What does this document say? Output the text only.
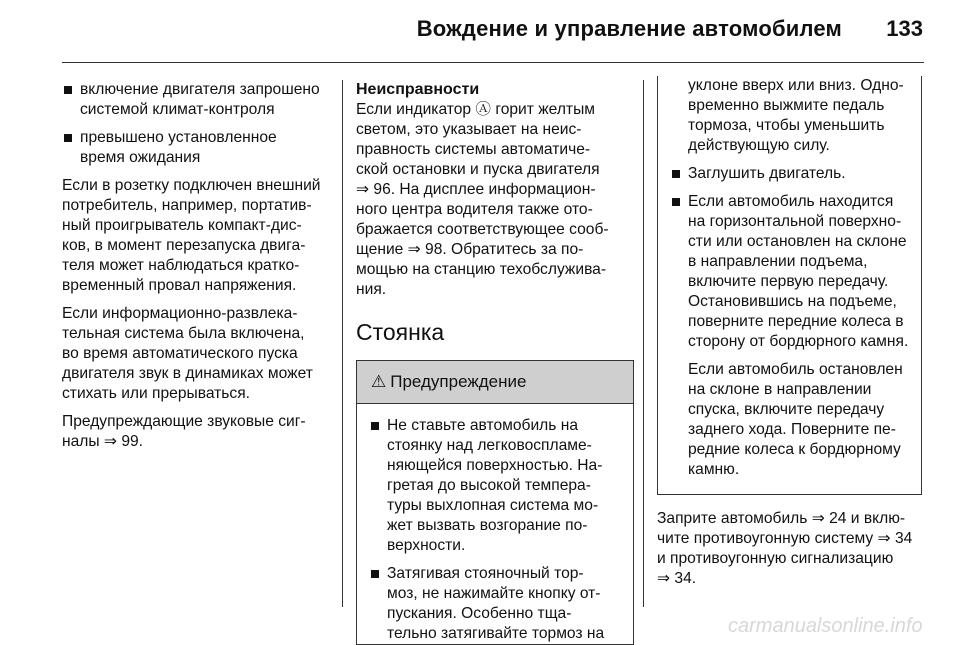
Вождение и управление автомобилем 133
включение двигателя запрошено
системой климат-контроля
превышено установленное
время ожидания

Если в розетку подключен внешний
потребитель, например, портатив-
ный проигрыватель компакт-дис-
ков, в момент перезапуска двига-
теля может наблюдаться кратко-
временный провал напряжения.

Если информационно-развлека-
тельная система была включена,
во время автоматического пуска
двигателя звук в динамиках может
стихать или прерываться.

Предупреждающие звуковые сиг-
налы ⇒ 99.

Неисправности

Если индикатор Ⓐ горит желтым
светом, это указывает на неис-
правность системы автоматиче-
ской остановки и пуска двигателя
⇒ 96. На дисплее информацион-
ного центра водителя также ото-
бражается соответствующее сооб-
щение ⇒ 98. Обратитесь за по-
мощью на станцию техобслужива-
ния.

Стоянка
⚠ Предупреждение
Не ставьте автомобиль на
стоянку над легковоспламе-
няющейся поверхностью. На-
гретая до высокой темпера-
туры выхлопная система мо-
жет вызвать возгорание по-
верхности.
Затягивая стояночный тор-
моз, не нажимайте кнопку от-
пускания. Особенно тща-
тельно затягивайте тормоз на

уклоне вверх или вниз. Одно-
временно выжмите педаль
тормоза, чтобы уменьшить
действующую силу.

Заглушить двигатель.
Если автомобиль находится
на горизонтальной поверхно-
сти или остановлен на склоне
в направлении подъема,
включите первую передачу.
Остановившись на подъеме,
поверните передние колеса в
сторону от бордюрного камня.

Если автомобиль остановлен
на склоне в направлении
спуска, включите передачу
заднего хода. Поверните пе-
редние колеса к бордюрному
камню.

Заприте автомобиль ⇒ 24 и вклю-
чите противоугонную систему ⇒ 34
и противоугонную сигнализацию
⇒ 34.

carmanualsonline.info
